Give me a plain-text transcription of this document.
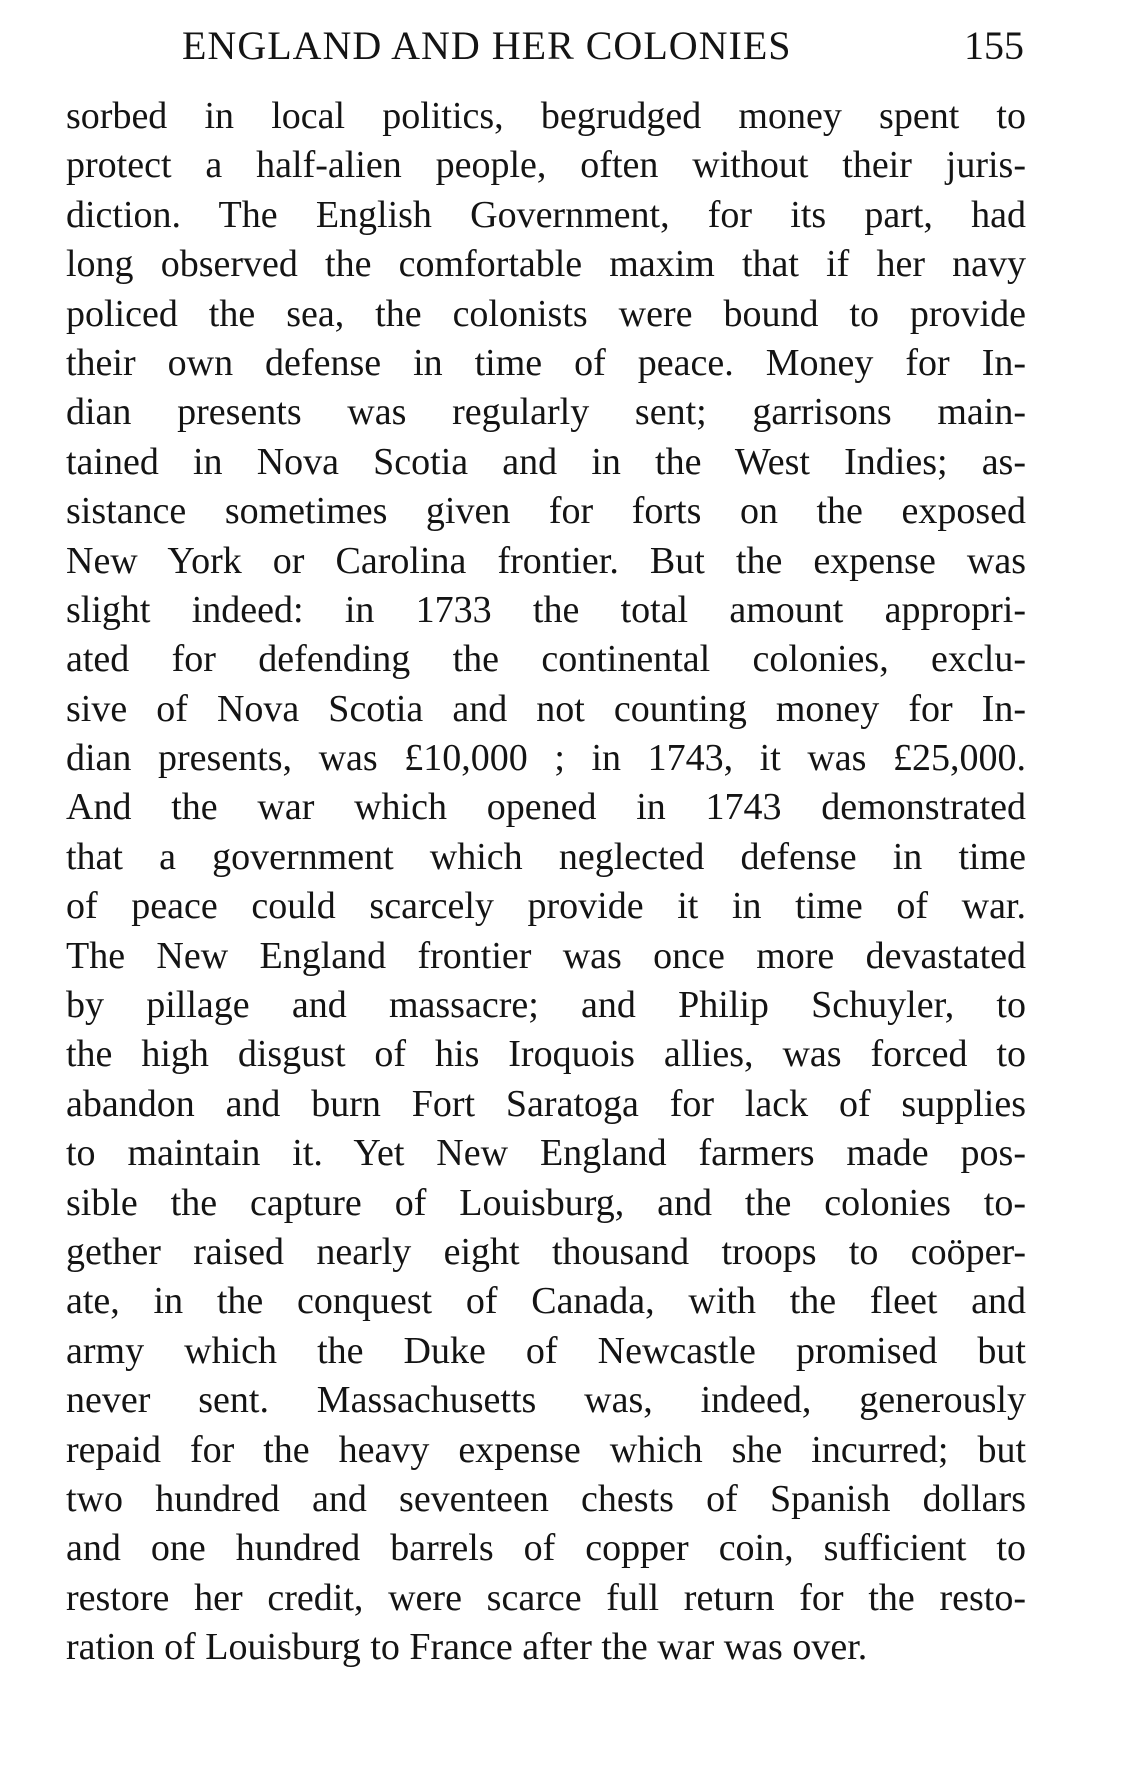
ENGLAND AND HER COLONIES	155
sorbed in local politics, begrudged money spent to
protect a half-alien people, often without their juris-
diction. The English Government, for its part, had
long observed the comfortable maxim that if her navy
policed the sea, the colonists were bound to provide
their own defense in time of peace. Money for In-
dian presents was regularly sent; garrisons main-
tained in Nova Scotia and in the West Indies; as-
sistance sometimes given for forts on the exposed
New York or Carolina frontier. But the expense was
slight indeed: in 1733 the total amount appropri-
ated for defending the continental colonies, exclu-
sive of Nova Scotia and not counting money for In-
dian presents, was £10,000 ; in 1743, it was £25,000.
And the war which opened in 1743 demonstrated
that a government which neglected defense in time
of peace could scarcely provide it in time of war.
The New England frontier was once more devastated
by pillage and massacre; and Philip Schuyler, to
the high disgust of his Iroquois allies, was forced to
abandon and burn Fort Saratoga for lack of supplies
to maintain it. Yet New England farmers made pos-
sible the capture of Louisburg, and the colonies to-
gether raised nearly eight thousand troops to coöper-
ate, in the conquest of Canada, with the fleet and
army which the Duke of Newcastle promised but
never sent. Massachusetts was, indeed, generously
repaid for the heavy expense which she incurred; but
two hundred and seventeen chests of Spanish dollars
and one hundred barrels of copper coin, sufficient to
restore her credit, were scarce full return for the resto-
ration of Louisburg to France after the war was over.
